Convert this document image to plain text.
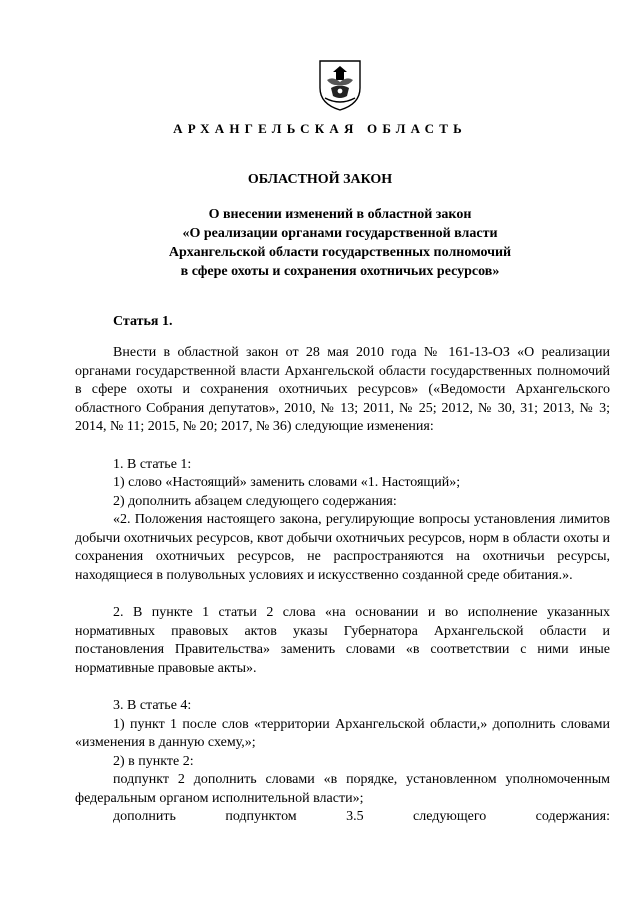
АРХАНГЕЛЬСКАЯ ОБЛАСТЬ
ОБЛАСТНОЙ ЗАКОН
О внесении изменений в областной закон
«О реализации органами государственной власти
Архангельской области государственных полномочий
в сфере охоты и сохранения охотничьих ресурсов»
Статья 1.

Внести в областной закон от 28 мая 2010 года № 161-13-ОЗ «О реализации органами государственной власти Архангельской области государственных полномочий в сфере охоты и сохранения охотничьих ресурсов» («Ведомости Архангельского областного Собрания депутатов», 2010, № 13; 2011, № 25; 2012, № 30, 31; 2013, № 3; 2014, № 11; 2015, № 20; 2017, № 36) следующие изменения:

1. В статье 1:

1) слово «Настоящий» заменить словами «1. Настоящий»;

2) дополнить абзацем следующего содержания:

«2. Положения настоящего закона, регулирующие вопросы установления лимитов добычи охотничьих ресурсов, квот добычи охотничьих ресурсов, норм в области охоты и сохранения охотничьих ресурсов, не распространяются на охотничьи ресурсы, находящиеся в полувольных условиях и искусственно созданной среде обитания.».

2. В пункте 1 статьи 2 слова «на основании и во исполнение указанных нормативных правовых актов указы Губернатора Архангельской области и постановления Правительства» заменить словами «в соответствии с ними иные нормативные правовые акты».

3. В статье 4:

1) пункт 1 после слов «территории Архангельской области,» дополнить словами «изменения в данную схему,»;

2) в пункте 2:

подпункт 2 дополнить словами «в порядке, установленном уполномоченным федеральным органом исполнительной власти»;

дополнить подпунктом 3.5 следующего содержания:
